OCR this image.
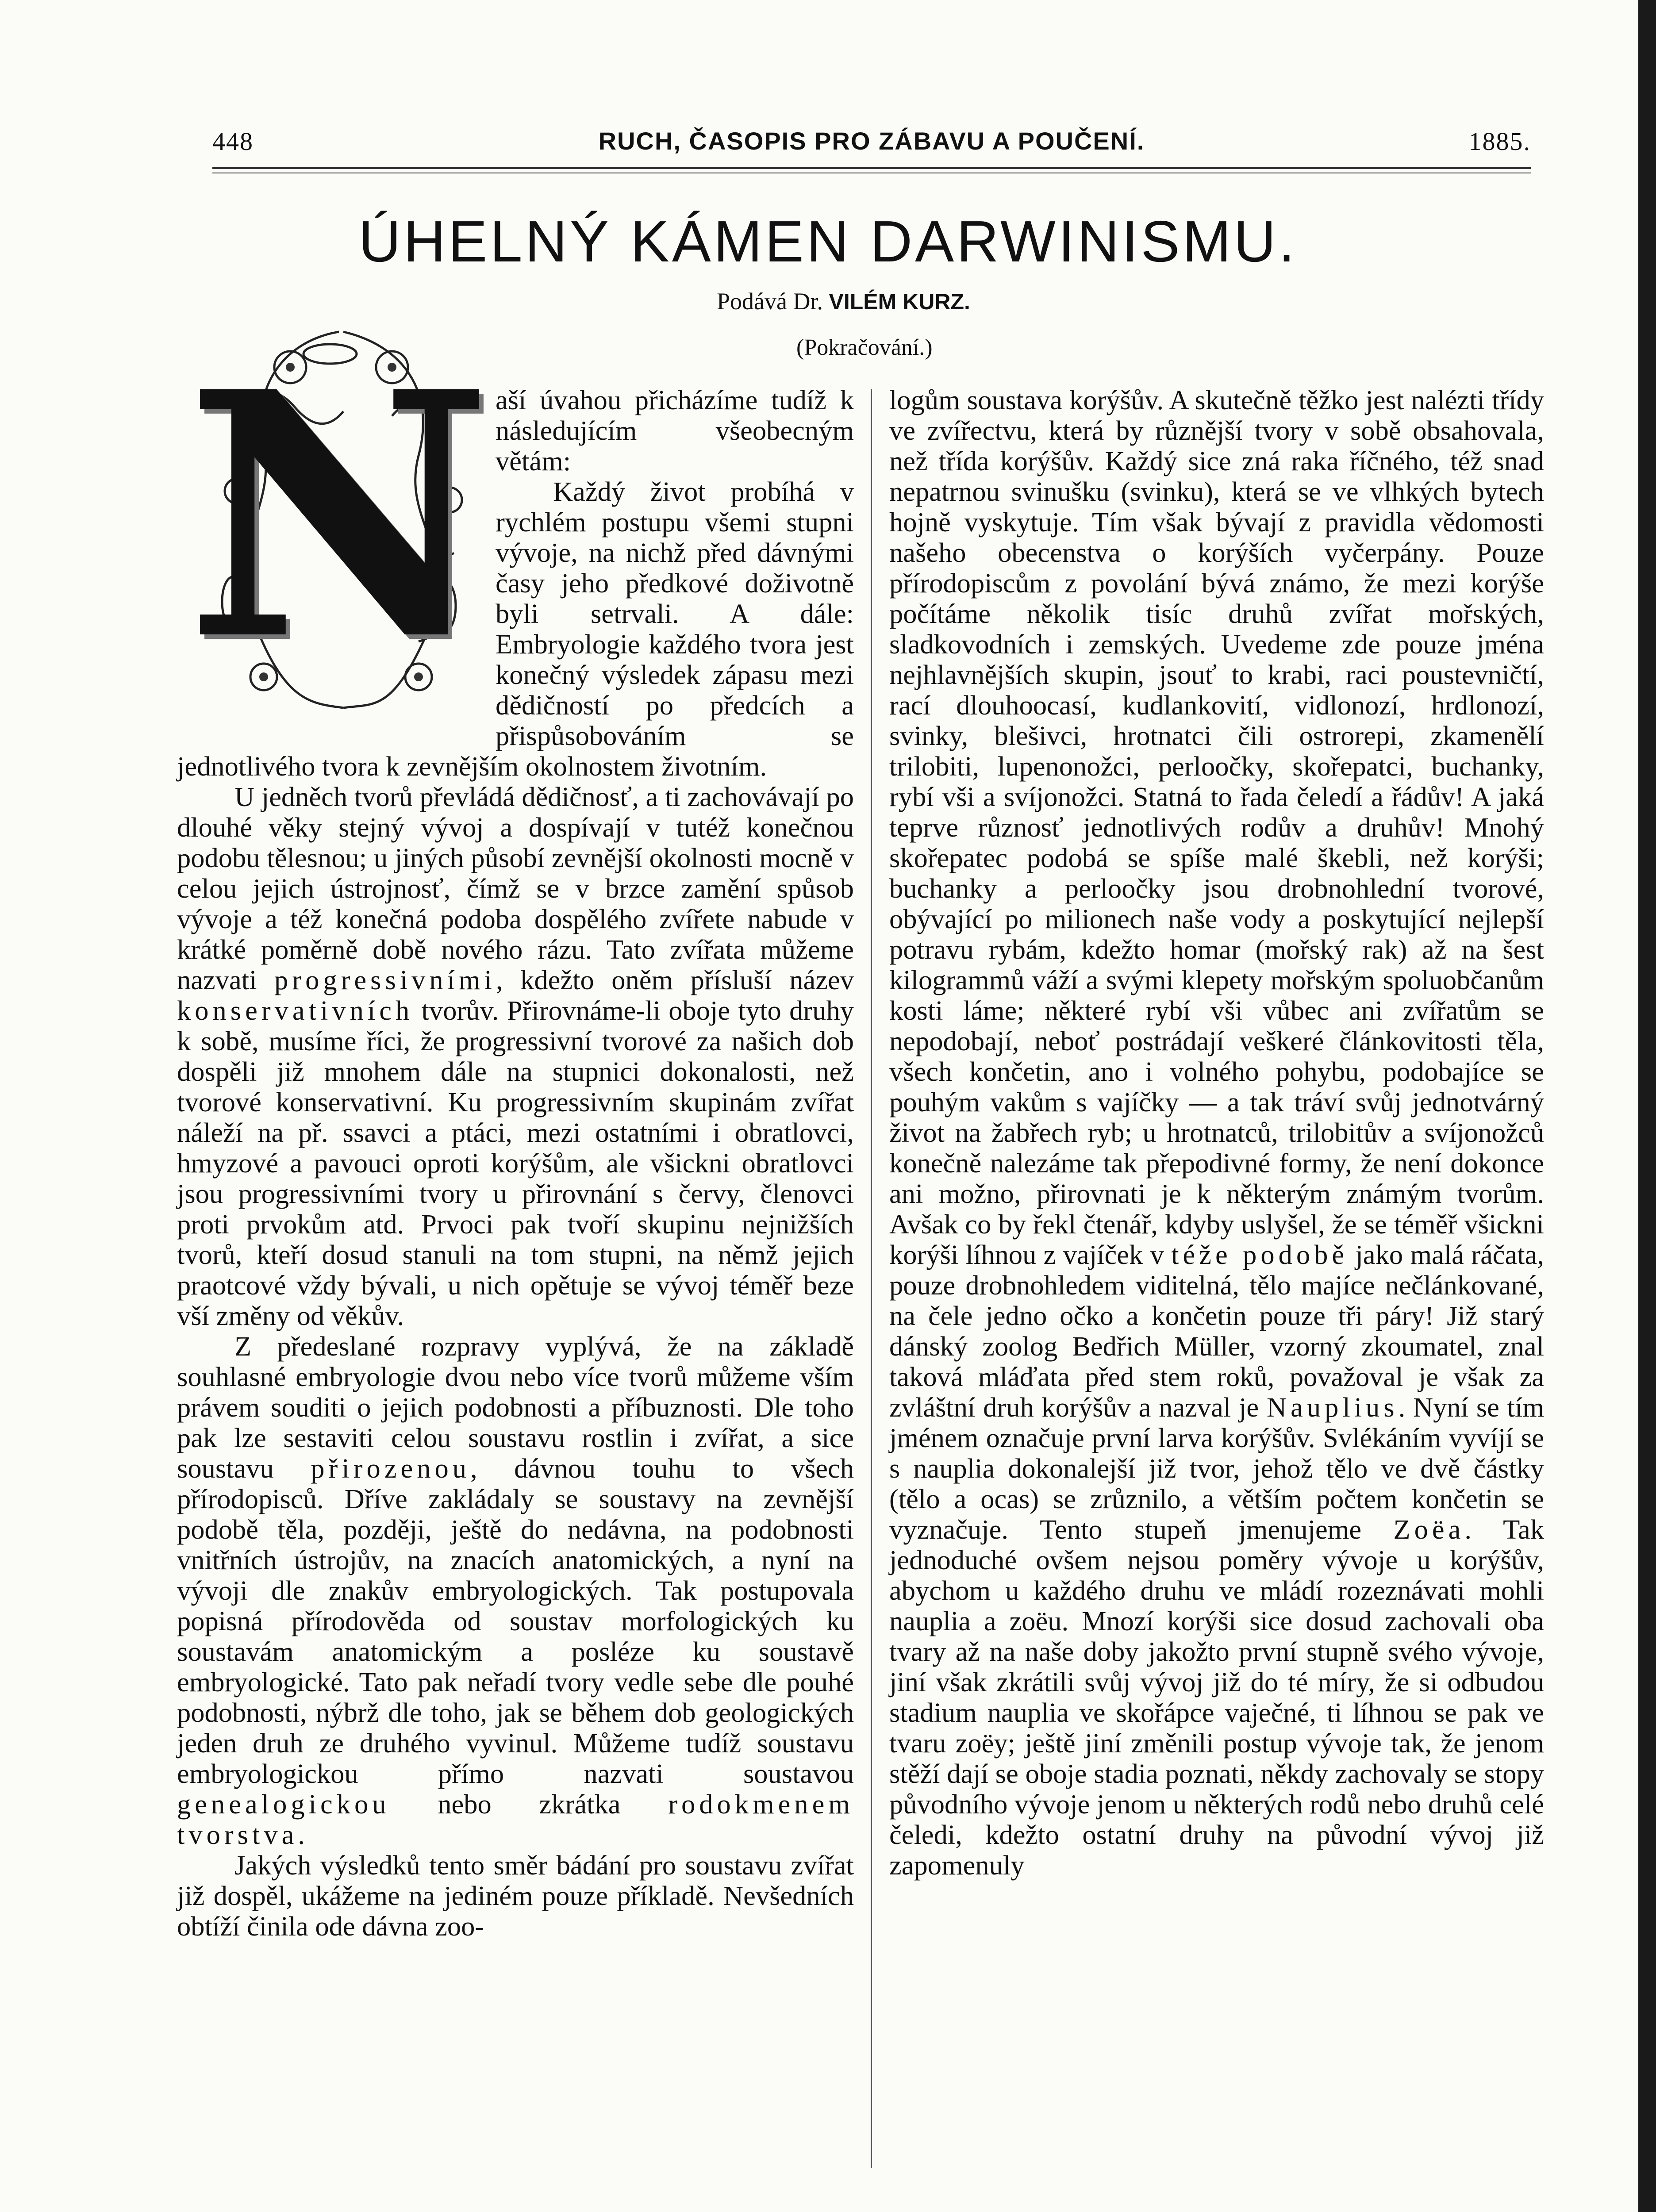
448	RUCH, ČASOPIS PRO ZÁBAVU A POUČENÍ.	1885.
ÚHELNÝ KÁMEN DARWINISMU.
Podává Dr. VILÉM KURZ.
(Pokračování.)
N aší úvahou přicházíme tudíž k následujícím všeobecným větám:

Každý život probíhá v rychlém postupu všemi stupni vývoje, na nichž před dávnými časy jeho předkové doživotně byli setrvali. A dále: Embryologie každého tvora jest konečný výsledek zápasu mezi dědičností po předcích a přispůsobováním se jednotlivého tvora k zevnějším okolnostem životním.

U jedněch tvorů převládá dědičnosť, a ti zachovávají po dlouhé věky stejný vývoj a dospívají v tutéž konečnou podobu tělesnou; u jiných působí zevnější okolnosti mocně v celou jejich ústrojnosť, čímž se v brzce zamění spůsob vývoje a též konečná podoba dospělého zvířete nabude v krátké poměrně době nového rázu. Tato zvířata můžeme nazvati progressivními, kdežto oněm přísluší název konservativních tvorův. Přirovnáme-li oboje tyto druhy k sobě, musíme říci, že progressivní tvorové za našich dob dospěli již mnohem dále na stupnici dokonalosti, než tvorové konservativní. Ku progressivním skupinám zvířat náleží na př. ssavci a ptáci, mezi ostatními i obratlovci, hmyzové a pavouci oproti korýšům, ale všickni obratlovci jsou progressivními tvory u přirovnání s červy, členovci proti prvokům atd. Prvoci pak tvoří skupinu nejnižších tvorů, kteří dosud stanuli na tom stupni, na němž jejich praotcové vždy bývali, u nich opětuje se vývoj téměř beze vší změny od věkův.

Z předeslané rozpravy vyplývá, že na základě souhlasné embryologie dvou nebo více tvorů můžeme vším právem souditi o jejich podobnosti a příbuznosti. Dle toho pak lze sestaviti celou soustavu rostlin i zvířat, a sice soustavu přirozenou, dávnou touhu to všech přírodopisců. Dříve zakládaly se soustavy na zevnější podobě těla, později, ještě do nedávna, na podobnosti vnitřních ústrojův, na znacích anatomických, a nyní na vývoji dle znakův embryologických. Tak postupovala popisná přírodověda od soustav morfologických ku soustavám anatomickým a posléze ku soustavě embryologické. Tato pak neřadí tvory vedle sebe dle pouhé podobnosti, nýbrž dle toho, jak se během dob geologických jeden druh ze druhého vyvinul. Můžeme tudíž soustavu embryologickou přímo nazvati soustavou genealogickou nebo zkrátka rodokmenem tvorstva.

Jakých výsledků tento směr bádání pro soustavu zvířat již dospěl, ukážeme na jediném pouze příkladě. Nevšedních obtíží činila ode dávna zoo-

logům soustava korýšův. A skutečně těžko jest nalézti třídy ve zvířectvu, která by různější tvory v sobě obsahovala, než třída korýšův. Každý sice zná raka říčného, též snad nepatrnou svinušku (svinku), která se ve vlhkých bytech hojně vyskytuje. Tím však bývají z pravidla vědomosti našeho obecenstva o korýších vyčerpány. Pouze přírodopiscům z povolání bývá známo, že mezi korýše počítáme několik tisíc druhů zvířat mořských, sladkovodních i zemských. Uvedeme zde pouze jména nejhlavnějších skupin, jsouť to krabi, raci poustevničtí, rací dlouhoocasí, kudlankovití, vidlonozí, hrdlonozí, svinky, blešivci, hrotnatci čili ostrorepi, zkamenělí trilobiti, lupenonožci, perloočky, skořepatci, buchanky, rybí vši a svíjonožci. Statná to řada čeledí a řádův! A jaká teprve různosť jednotlivých rodův a druhův! Mnohý skořepatec podobá se spíše malé škebli, než korýši; buchanky a perloočky jsou drobnohlední tvorové, obývající po milionech naše vody a poskytující nejlepší potravu rybám, kdežto homar (mořský rak) až na šest kilogrammů váží a svými klepety mořským spoluobčanům kosti láme; některé rybí vši vůbec ani zvířatům se nepodobají, neboť postrádají veškeré článkovitosti těla, všech končetin, ano i volného pohybu, podobajíce se pouhým vakům s vajíčky — a tak tráví svůj jednotvárný život na žabřech ryb; u hrotnatců, trilobitův a svíjonožců konečně nalezáme tak přepodivné formy, že není dokonce ani možno, přirovnati je k některým známým tvorům. Avšak co by řekl čtenář, kdyby uslyšel, že se téměř všickni korýši líhnou z vajíček v téže podobě jako malá ráčata, pouze drobnohledem viditelná, tělo majíce nečlánkované, na čele jedno očko a končetin pouze tři páry! Již starý dánský zoolog Bedřich Müller, vzorný zkoumatel, znal taková mláďata před stem roků, považoval je však za zvláštní druh korýšův a nazval je Nauplius. Nyní se tím jménem označuje první larva korýšův. Svlékáním vyvíjí se s nauplia dokonalejší již tvor, jehož tělo ve dvě částky (tělo a ocas) se zrůznilo, a větším počtem končetin se vyznačuje. Tento stupeň jmenujeme Zoëa. Tak jednoduché ovšem nejsou poměry vývoje u korýšův, abychom u každého druhu ve mládí rozeznávati mohli nauplia a zoëu. Mnozí korýši sice dosud zachovali oba tvary až na naše doby jakožto první stupně svého vývoje, jiní však zkrátili svůj vývoj již do té míry, že si odbudou stadium nauplia ve skořápce vaječné, ti líhnou se pak ve tvaru zoëy; ještě jiní změnili postup vývoje tak, že jenom stěží dají se oboje stadia poznati, někdy zachovaly se stopy původního vývoje jenom u některých rodů nebo druhů celé čeledi, kdežto ostatní druhy na původní vývoj již zapomenuly
